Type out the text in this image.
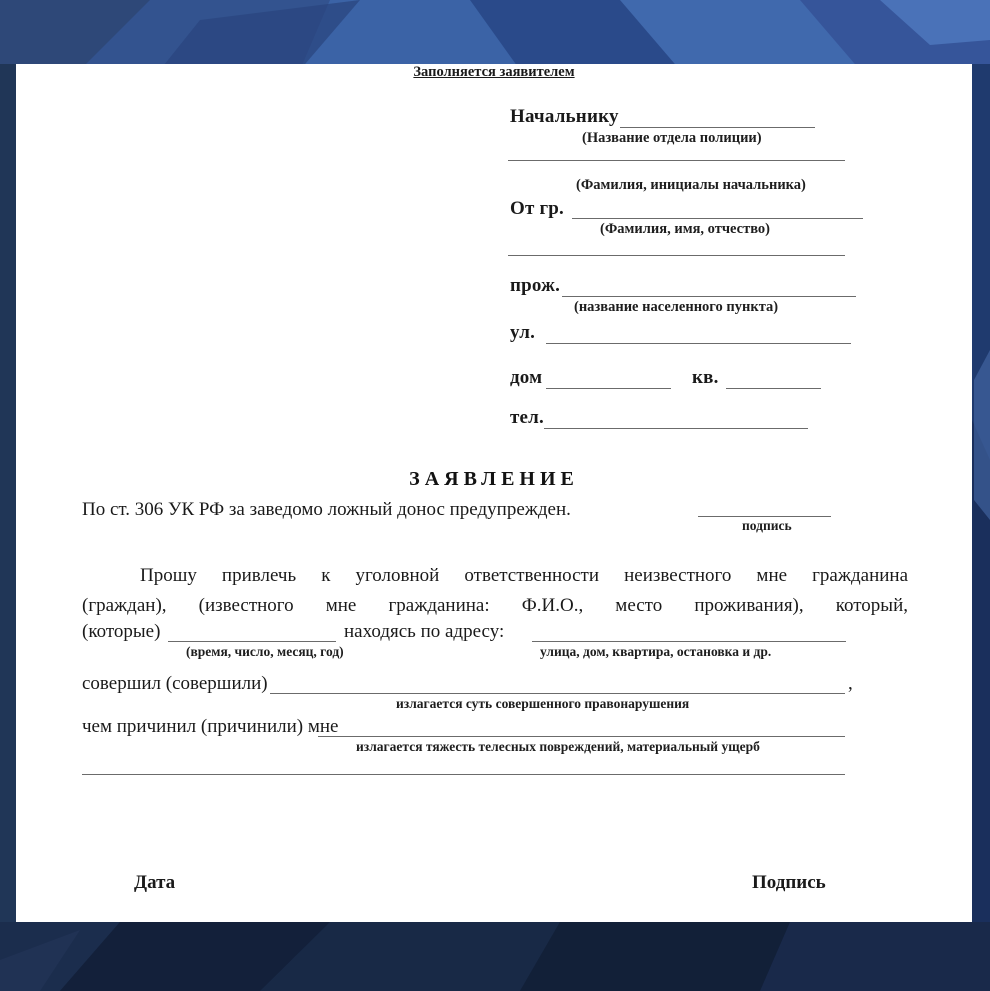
Заполняется заявителем
Начальнику
(Название отдела полиции)
(Фамилия, инициалы начальника)
От гр.
(Фамилия, имя, отчество)
прож.
(название населенного пункта)
ул.
дом	кв.
тел.
ЗАЯВЛЕНИЕ
По ст. 306 УК РФ за заведомо ложный донос предупрежден.
подпись
Прошу привлечь к уголовной ответственности неизвестного мне гражданина
(граждан), (известного мне гражданина: Ф.И.О., место проживания), который,
(которые)
(время, число, месяц, год)
находясь по адресу:
улица, дом, квартира, остановка и др.
совершил (совершили)	,
излагается суть совершенного правонарушения
чем причинил (причинили) мне
излагается тяжесть телесных повреждений, материальный ущерб
Дата	Подпись
